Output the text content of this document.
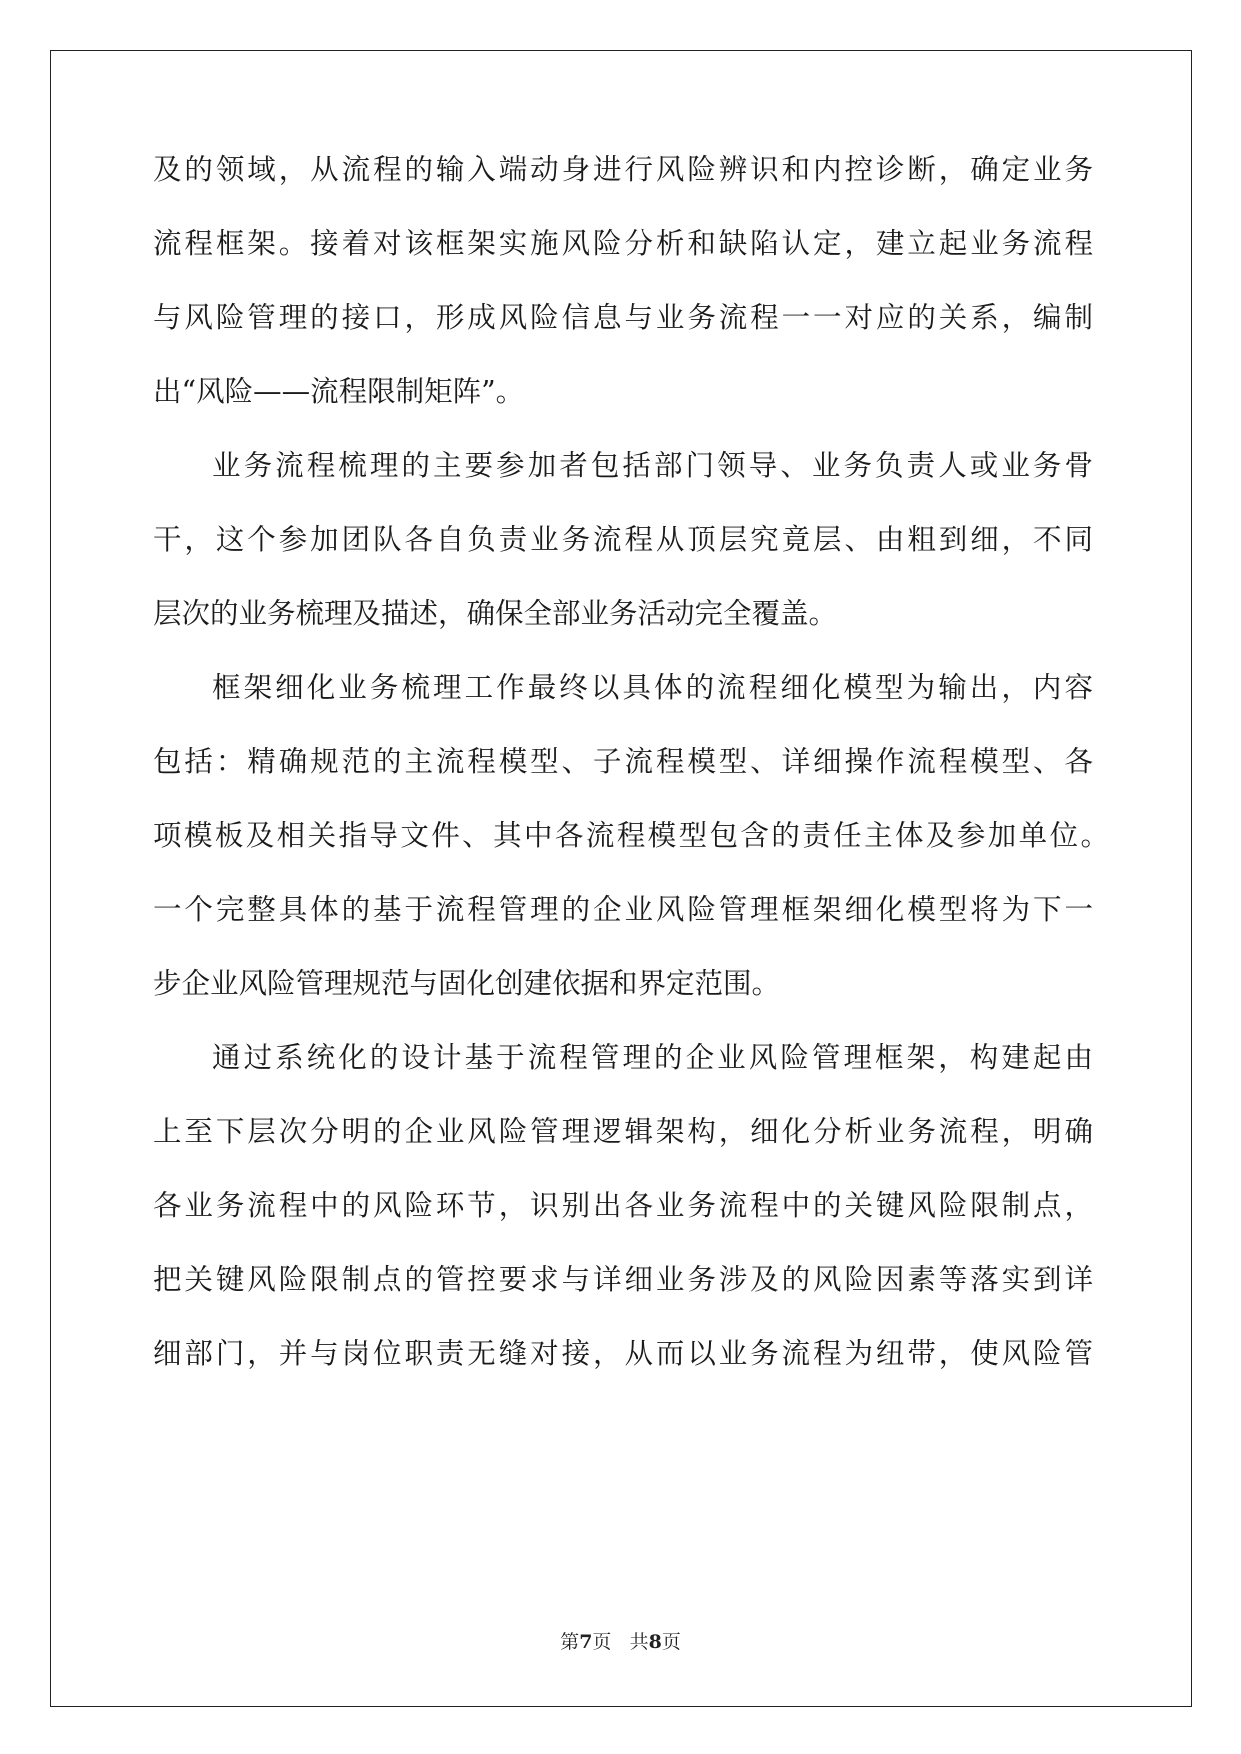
及的领域，从流程的输入端动身进行风险辨识和内控诊断，确定业务
流程框架。接着对该框架实施风险分析和缺陷认定，建立起业务流程
与风险管理的接口，形成风险信息与业务流程一一对应的关系，编制
出“风险——流程限制矩阵”。
业务流程梳理的主要参加者包括部门领导、业务负责人或业务骨
干，这个参加团队各自负责业务流程从顶层究竟层、由粗到细，不同
层次的业务梳理及描述，确保全部业务活动完全覆盖。
框架细化业务梳理工作最终以具体的流程细化模型为输出，内容
包括：精确规范的主流程模型、子流程模型、详细操作流程模型、各
项模板及相关指导文件、其中各流程模型包含的责任主体及参加单位。
一个完整具体的基于流程管理的企业风险管理框架细化模型将为下一
步企业风险管理规范与固化创建依据和界定范围。
通过系统化的设计基于流程管理的企业风险管理框架，构建起由
上至下层次分明的企业风险管理逻辑架构，细化分析业务流程，明确
各业务流程中的风险环节，识别出各业务流程中的关键风险限制点，
把关键风险限制点的管控要求与详细业务涉及的风险因素等落实到详
细部门，并与岗位职责无缝对接，从而以业务流程为纽带，使风险管
第7页 共8页
